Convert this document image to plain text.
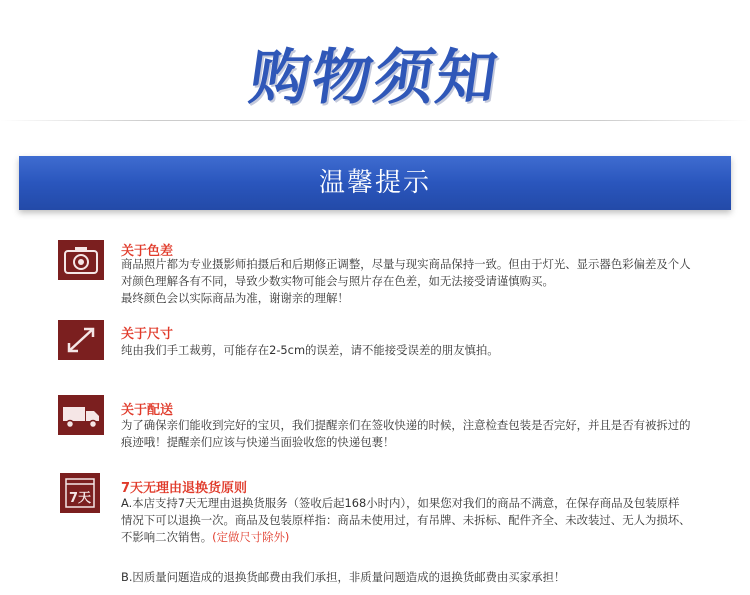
购物须知
温馨提示
关于色差
商品照片都为专业摄影师拍摄后和后期修正调整，尽量与现实商品保持一致。但由于灯光、显示器色彩偏差及个人
对颜色理解各有不同，导致少数实物可能会与照片存在色差，如无法接受请谨慎购买。
最终颜色会以实际商品为准，谢谢亲的理解！
关于尺寸
纯由我们手工裁剪，可能存在2-5cm的误差，请不能接受误差的朋友慎拍。
关于配送
为了确保亲们能收到完好的宝贝，我们提醒亲们在签收快递的时候，注意检查包装是否完好，并且是否有被拆过的
痕迹哦！提醒亲们应该与快递当面验收您的快递包裹！
7天
7天无理由退换货原则
A.本店支持7天无理由退换货服务（签收后起168小时内），如果您对我们的商品不满意，在保存商品及包装原样
情况下可以退换一次。商品及包装原样指：商品未使用过，有吊牌、未拆标、配件齐全、未改装过、无人为损坏、
不影响二次销售。(定做尺寸除外)
B.因质量问题造成的退换货邮费由我们承担，非质量问题造成的退换货邮费由买家承担！
